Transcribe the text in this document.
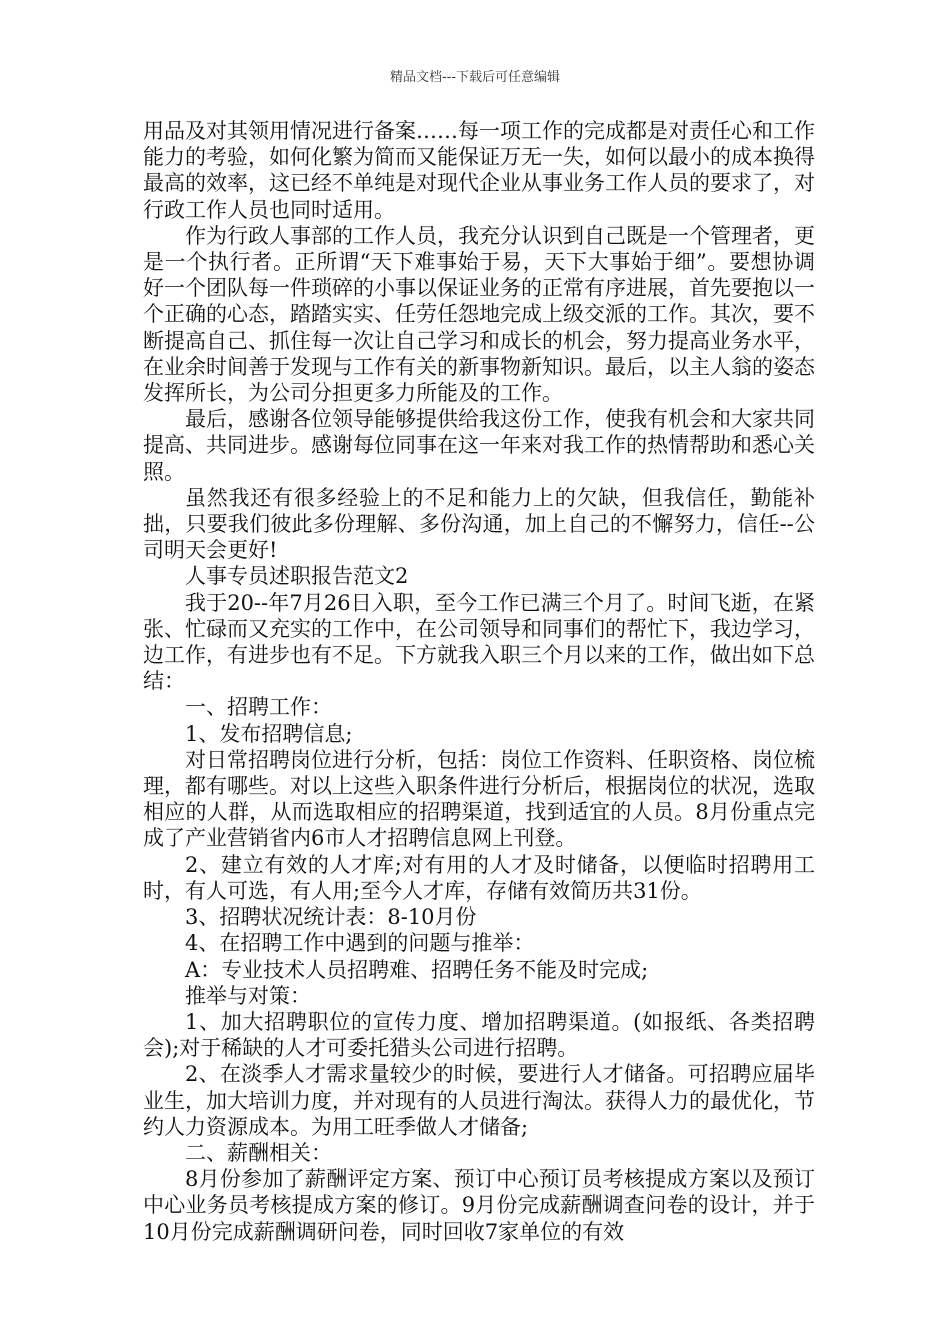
精品文档---下载后可任意编辑

用品及对其领用情况进行备案……每一项工作的完成都是对责任心和工作能力的考验，如何化繁为简而又能保证万无一失，如何以最小的成本换得最高的效率，这已经不单纯是对现代企业从事业务工作人员的要求了，对行政工作人员也同时适用。

作为行政人事部的工作人员，我充分认识到自己既是一个管理者，更是一个执行者。正所谓“天下难事始于易，天下大事始于细”。要想协调好一个团队每一件琐碎的小事以保证业务的正常有序进展，首先要抱以一个正确的心态，踏踏实实、任劳任怨地完成上级交派的工作。其次，要不断提高自己、抓住每一次让自己学习和成长的机会，努力提高业务水平，在业余时间善于发现与工作有关的新事物新知识。最后，以主人翁的姿态发挥所长，为公司分担更多力所能及的工作。

最后，感谢各位领导能够提供给我这份工作，使我有机会和大家共同提高、共同进步。感谢每位同事在这一年来对我工作的热情帮助和悉心关照。

虽然我还有很多经验上的不足和能力上的欠缺，但我信任，勤能补拙，只要我们彼此多份理解、多份沟通，加上自己的不懈努力，信任--公司明天会更好!

人事专员述职报告范文2

我于20--年7月26日入职，至今工作已满三个月了。时间飞逝，在紧张、忙碌而又充实的工作中，在公司领导和同事们的帮忙下，我边学习，边工作，有进步也有不足。下方就我入职三个月以来的工作，做出如下总结：

一、招聘工作：

1、发布招聘信息;

对日常招聘岗位进行分析，包括：岗位工作资料、任职资格、岗位梳理，都有哪些。对以上这些入职条件进行分析后，根据岗位的状况，选取相应的人群，从而选取相应的招聘渠道，找到适宜的人员。8月份重点完成了产业营销省内6市人才招聘信息网上刊登。

2、建立有效的人才库;对有用的人才及时储备，以便临时招聘用工时，有人可选，有人用;至今人才库，存储有效简历共31份。

3、招聘状况统计表：8-10月份

4、在招聘工作中遇到的问题与推举：

A：专业技术人员招聘难、招聘任务不能及时完成;

推举与对策：

1、加大招聘职位的宣传力度、增加招聘渠道。(如报纸、各类招聘会);对于稀缺的人才可委托猎头公司进行招聘。

2、在淡季人才需求量较少的时候，要进行人才储备。可招聘应届毕业生，加大培训力度，并对现有的人员进行淘汰。获得人力的最优化，节约人力资源成本。为用工旺季做人才储备;

二、薪酬相关：

8月份参加了薪酬评定方案、预订中心预订员考核提成方案以及预订中心业务员考核提成方案的修订。9月份完成薪酬调查问卷的设计，并于10月份完成薪酬调研问卷，同时回收7家单位的有效
